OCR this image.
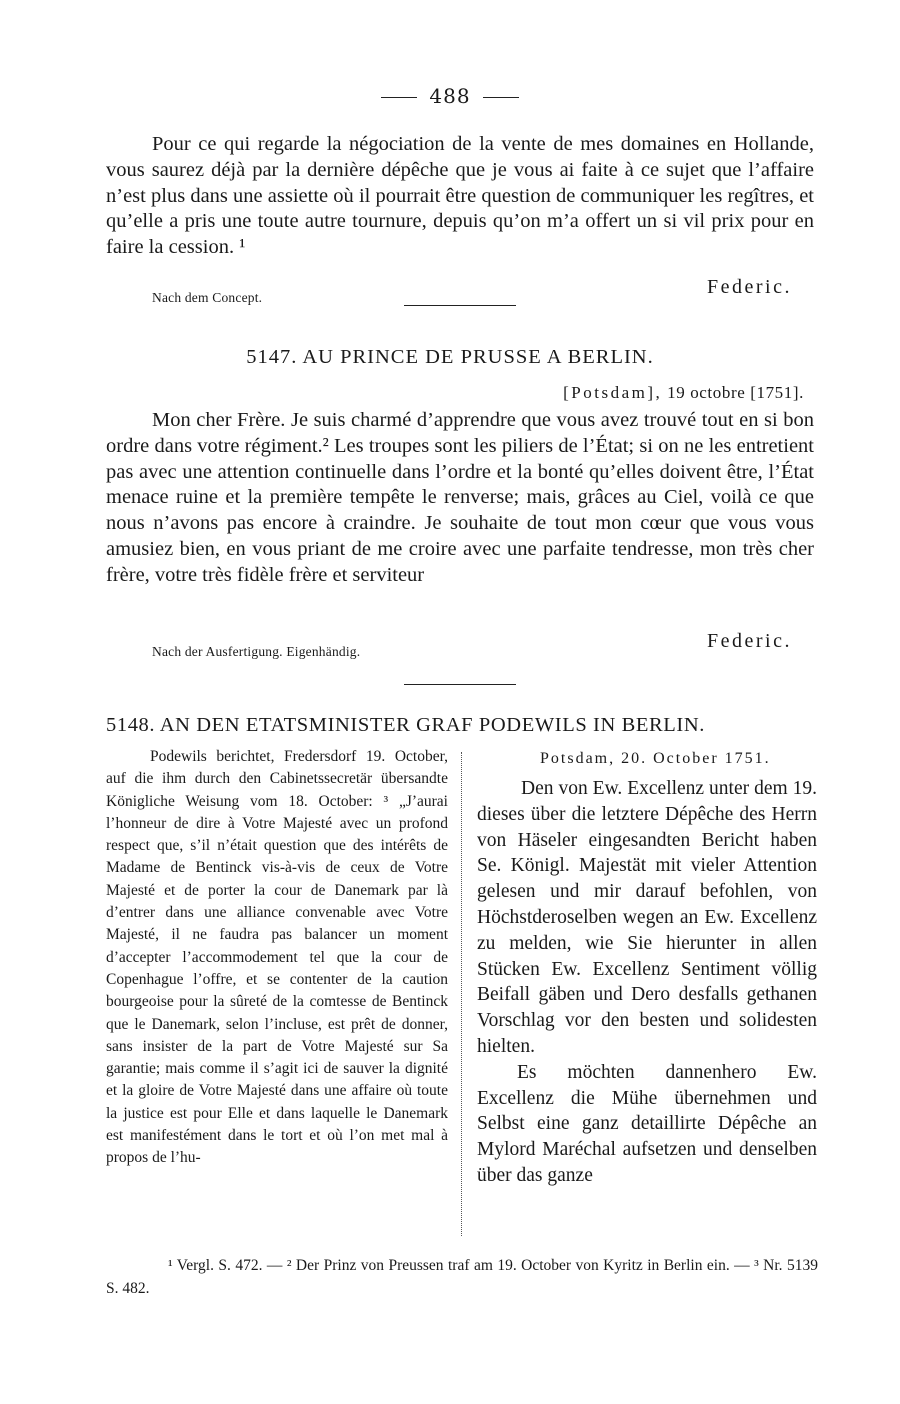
488
Pour ce qui regarde la négociation de la vente de mes domaines en Hollande, vous saurez déjà par la dernière dépêche que je vous ai faite à ce sujet que l’affaire n’est plus dans une assiette où il pourrait être question de communiquer les regîtres, et qu’elle a pris une toute autre tournure, depuis qu’on m’a offert un si vil prix pour en faire la cession. ¹
Federic.
Nach dem Concept.
5147. AU PRINCE DE PRUSSE A BERLIN.
[Potsdam], 19 octobre [1751].
Mon cher Frère. Je suis charmé d’apprendre que vous avez trouvé tout en si bon ordre dans votre régiment.² Les troupes sont les piliers de l’État; si on ne les entretient pas avec une attention continuelle dans l’ordre et la bonté qu’elles doivent être, l’État menace ruine et la première tempête le renverse; mais, grâces au Ciel, voilà ce que nous n’avons pas encore à craindre. Je souhaite de tout mon cœur que vous vous amusiez bien, en vous priant de me croire avec une parfaite tendresse, mon très cher frère, votre très fidèle frère et serviteur
Federic.
Nach der Ausfertigung. Eigenhändig.
5148. AN DEN ETATSMINISTER GRAF PODEWILS IN BERLIN.
Podewils berichtet, Fredersdorf 19. October, auf die ihm durch den Cabinetssecretär übersandte Königliche Weisung vom 18. October: ³ „J’aurai l’honneur de dire à Votre Majesté avec un profond respect que, s’il n’était question que des intérêts de Madame de Bentinck vis-à-vis de ceux de Votre Majesté et de porter la cour de Danemark par là d’entrer dans une alliance convenable avec Votre Majesté, il ne faudra pas balancer un moment d’accepter l’accommodement tel que la cour de Copenhague l’offre, et se contenter de la caution bourgeoise pour la sûreté de la comtesse de Bentinck que le Danemark, selon l’incluse, est prêt de donner, sans insister de la part de Votre Majesté sur Sa garantie; mais comme il s’agit ici de sauver la dignité et la gloire de Votre Majesté dans une affaire où toute la justice est pour Elle et dans laquelle le Danemark est manifestément dans le tort et où l’on met mal à propos de l’hu-
Potsdam, 20. October 1751.
Den von Ew. Excellenz unter dem 19. dieses über die letztere Dépêche des Herrn von Häseler eingesandten Bericht haben Se. Königl. Majestät mit vieler Attention gelesen und mir darauf befohlen, von Höchstderoselben wegen an Ew. Excellenz zu melden, wie Sie hierunter in allen Stücken Ew. Excellenz Sentiment völlig Beifall gäben und Dero desfalls gethanen Vorschlag vor den besten und solidesten hielten.
Es möchten dannenhero Ew. Excellenz die Mühe übernehmen und Selbst eine ganz detaillirte Dépêche an Mylord Maréchal aufsetzen und denselben über das ganze
¹ Vergl. S. 472. — ² Der Prinz von Preussen traf am 19. October von Kyritz in Berlin ein. — ³ Nr. 5139 S. 482.
